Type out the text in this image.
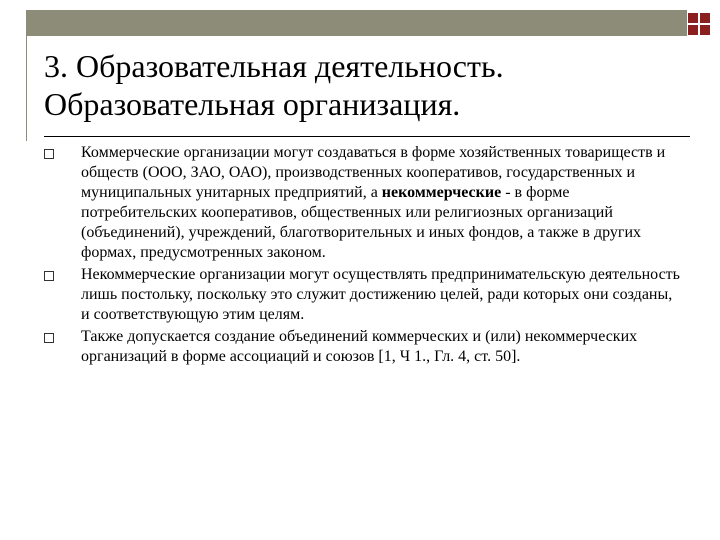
3. Образовательная деятельность.
Образовательная организация.
Коммерческие организации могут создаваться в форме хозяйственных товариществ и обществ (ООО, ЗАО, ОАО), производственных кооперативов, государственных и муниципальных унитарных предприятий, а некоммерческие - в форме потребительских кооперативов, общественных или религиозных организаций (объединений), учреждений, благотворительных и иных фондов, а также в других формах, предусмотренных законом.
Некоммерческие организации могут осуществлять предпринимательскую деятельность лишь постольку, поскольку это служит достижению целей, ради которых они созданы, и соответствующую этим целям.
Также допускается создание объединений коммерческих и (или) некоммерческих организаций в форме ассоциаций и союзов [1, Ч 1., Гл. 4, ст. 50].
